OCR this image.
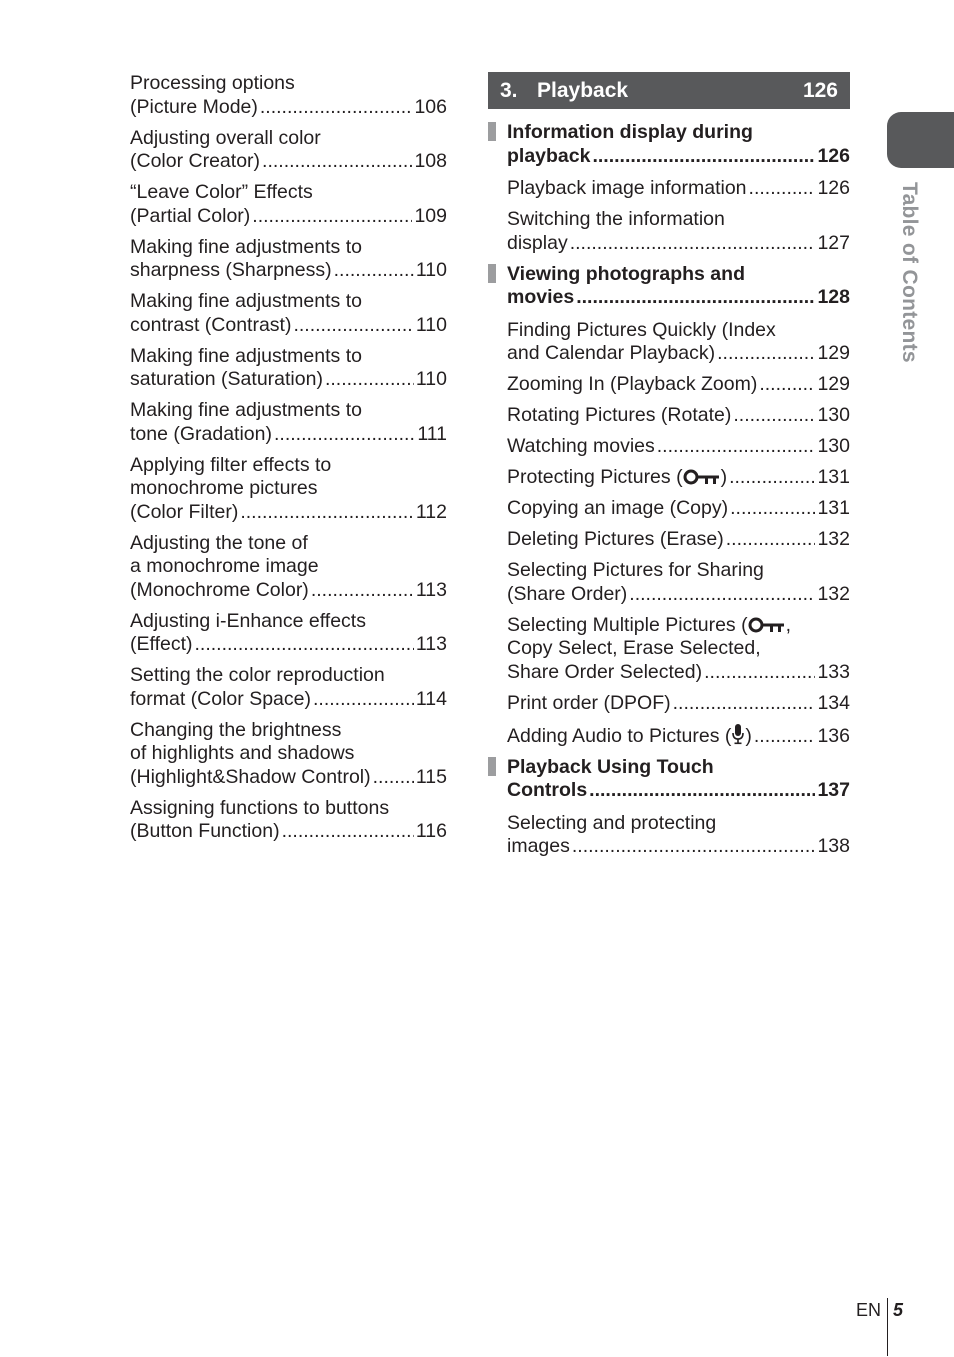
Processing options
(Picture Mode) .....	106
Adjusting overall color
(Color Creator) .....	108
“Leave Color” Effects
(Partial Color) .....	109
Making fine adjustments to
sharpness (Sharpness) .....	110
Making fine adjustments to
contrast (Contrast) .....	110
Making fine adjustments to
saturation (Saturation) .....	110
Making fine adjustments to
tone (Gradation) .....	111
Applying filter effects to
monochrome pictures
(Color Filter) .....	112
Adjusting the tone of
a monochrome image
(Monochrome Color) .....	113
Adjusting i-Enhance effects
(Effect) .....	113
Setting the color reproduction
format (Color Space) .....	114
Changing the brightness
of highlights and shadows
(Highlight&Shadow Control) ..... 115
Assigning functions to buttons
(Button Function) .....	116
3. Playback	126
Information display during
playback .....	126
Playback image information .....	126
Switching the information
display .....	127
Viewing photographs and
movies .....	128
Finding Pictures Quickly (Index
and Calendar Playback) .....	129
Zooming In (Playback Zoom) .....	129
Rotating Pictures (Rotate) .....	130
Watching movies .....	130
Protecting Pictures ( ) .....	131
Copying an image (Copy) .....	131
Deleting Pictures (Erase) .....	132
Selecting Pictures for Sharing
(Share Order) .....	132
Selecting Multiple Pictures ( ,
Copy Select, Erase Selected,
Share Order Selected) .....	133
Print order (DPOF) .....	134
Adding Audio to Pictures ( ) .....	136
Playback Using Touch
Controls .....	137
Selecting and protecting
images .....	138
Table of Contents
EN 5
